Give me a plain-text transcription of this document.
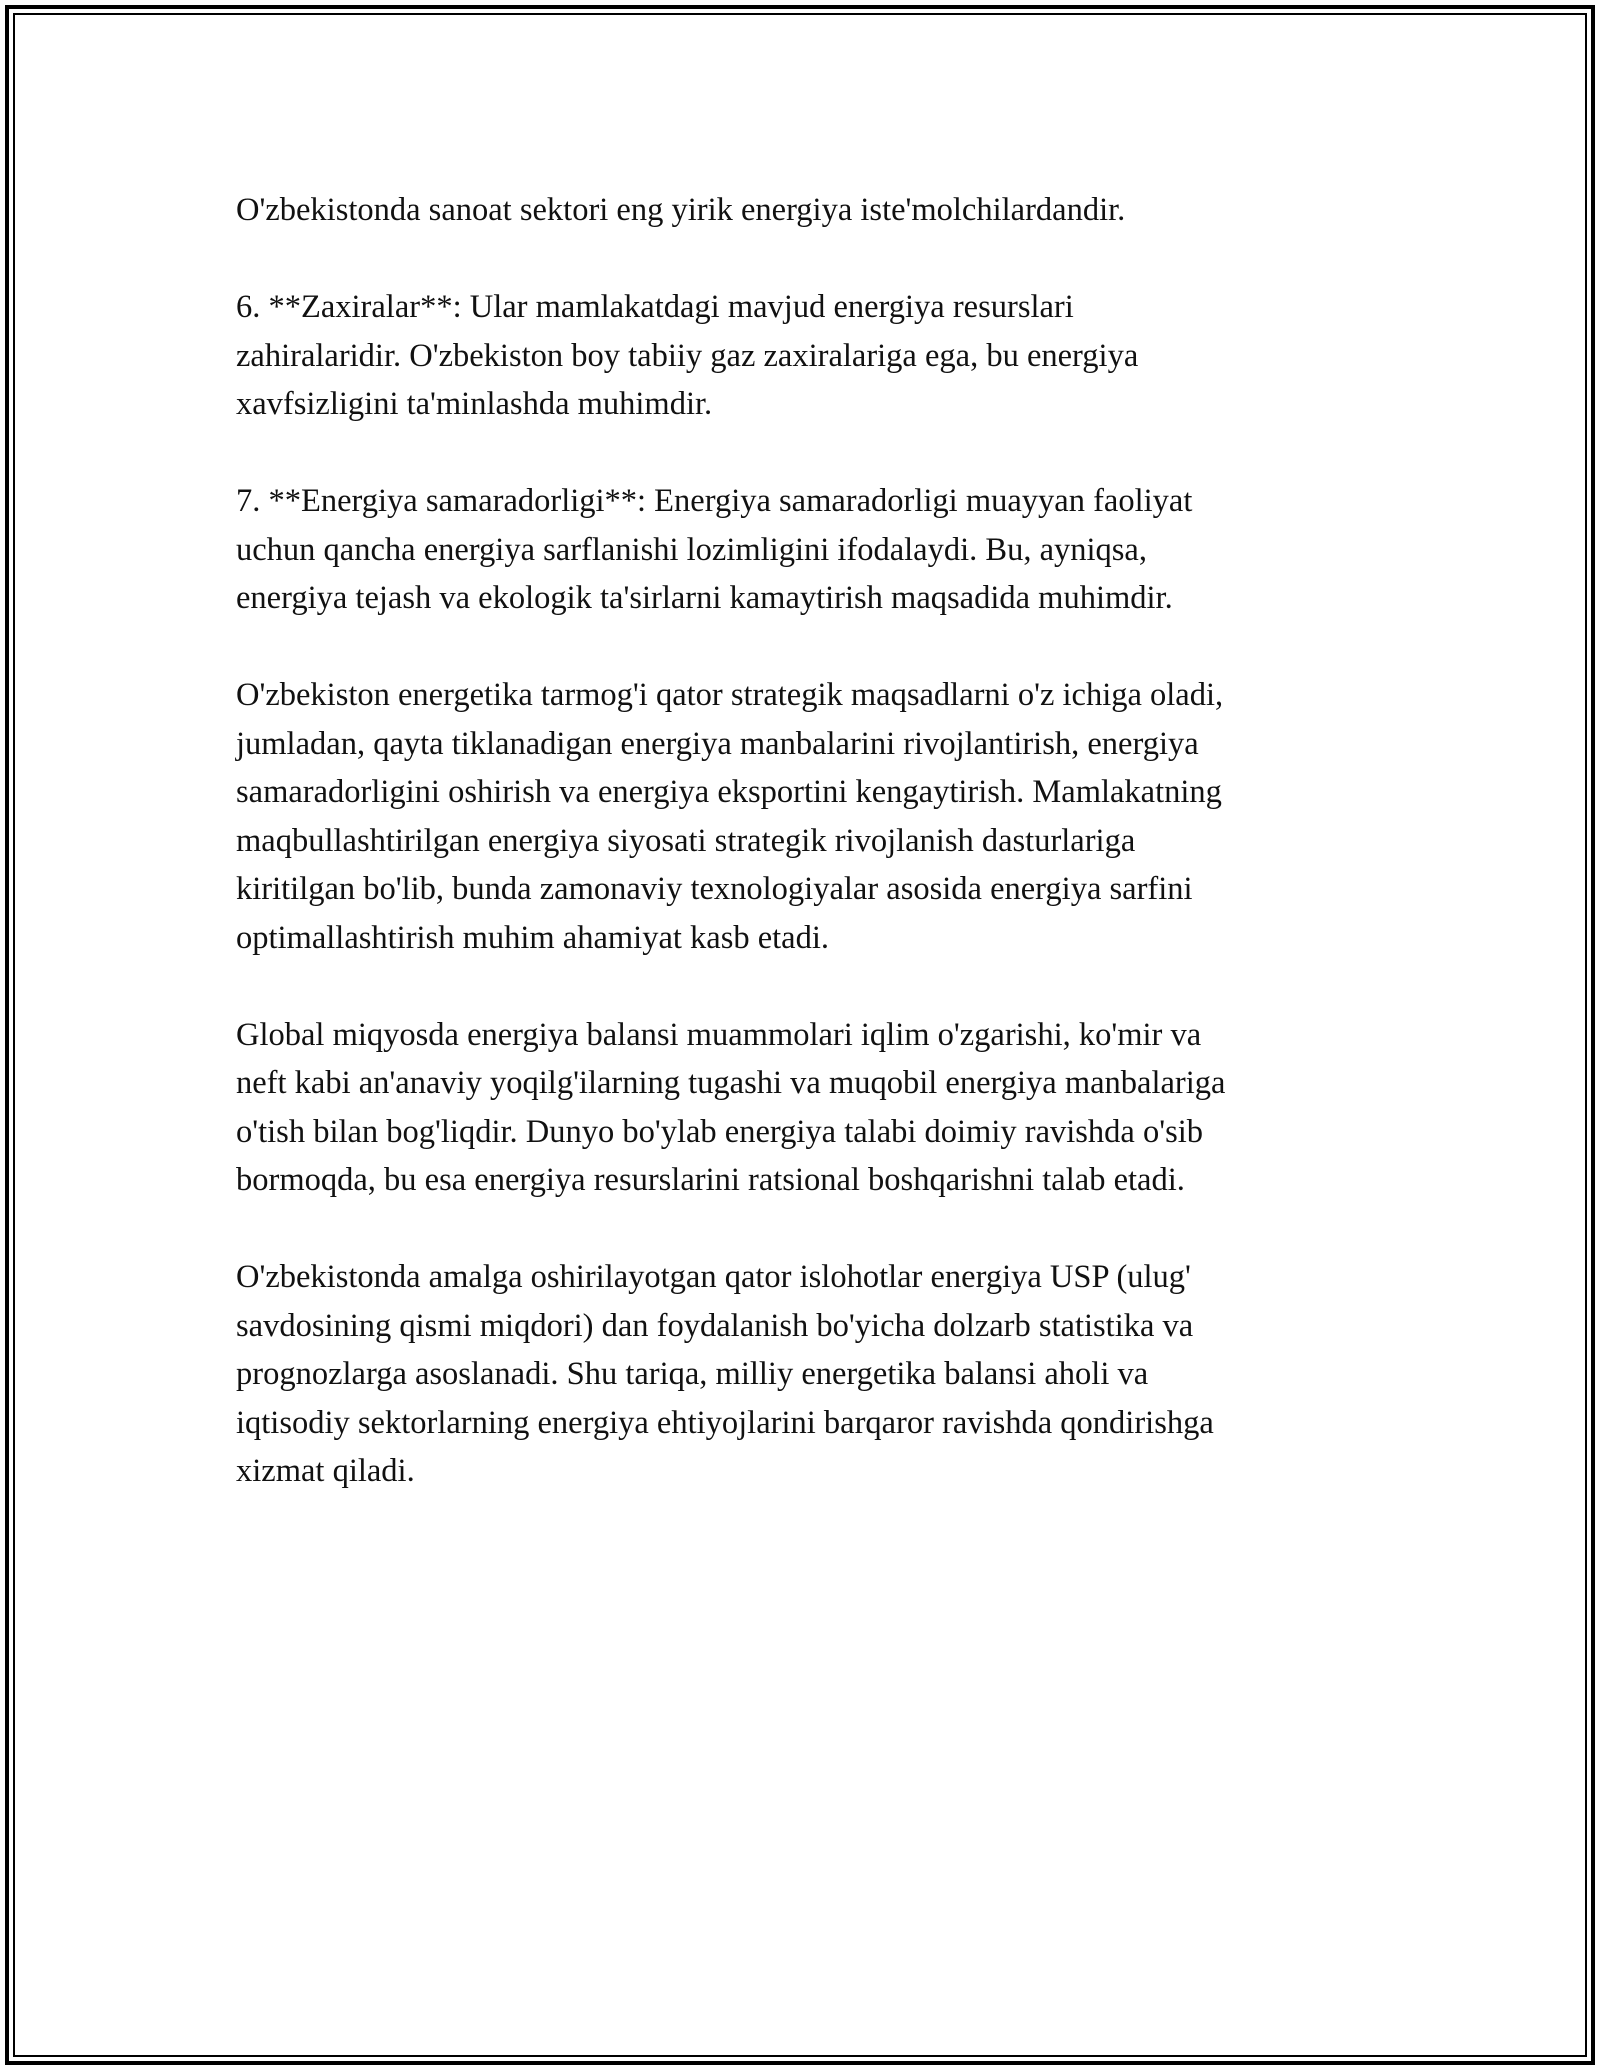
O'zbekistonda sanoat sektori eng yirik energiya iste'molchilardandir.

6. **Zaxiralar**: Ular mamlakatdagi mavjud energiya resurslari
zahiralaridir. O'zbekiston boy tabiiy gaz zaxiralariga ega, bu energiya
xavfsizligini ta'minlashda muhimdir.

7. **Energiya samaradorligi**: Energiya samaradorligi muayyan faoliyat
uchun qancha energiya sarflanishi lozimligini ifodalaydi. Bu, ayniqsa,
energiya tejash va ekologik ta'sirlarni kamaytirish maqsadida muhimdir.

O'zbekiston energetika tarmog'i qator strategik maqsadlarni o'z ichiga oladi,
jumladan, qayta tiklanadigan energiya manbalarini rivojlantirish, energiya
samaradorligini oshirish va energiya eksportini kengaytirish. Mamlakatning
maqbullashtirilgan energiya siyosati strategik rivojlanish dasturlariga
kiritilgan bo'lib, bunda zamonaviy texnologiyalar asosida energiya sarfini
optimallashtirish muhim ahamiyat kasb etadi.

Global miqyosda energiya balansi muammolari iqlim o'zgarishi, ko'mir va
neft kabi an'anaviy yoqilg'ilarning tugashi va muqobil energiya manbalariga
o'tish bilan bog'liqdir. Dunyo bo'ylab energiya talabi doimiy ravishda o'sib
bormoqda, bu esa energiya resurslarini ratsional boshqarishni talab etadi.

O'zbekistonda amalga oshirilayotgan qator islohotlar energiya USP (ulug'
savdosining qismi miqdori) dan foydalanish bo'yicha dolzarb statistika va
prognozlarga asoslanadi. Shu tariqa, milliy energetika balansi aholi va
iqtisodiy sektorlarning energiya ehtiyojlarini barqaror ravishda qondirishga
xizmat qiladi.
